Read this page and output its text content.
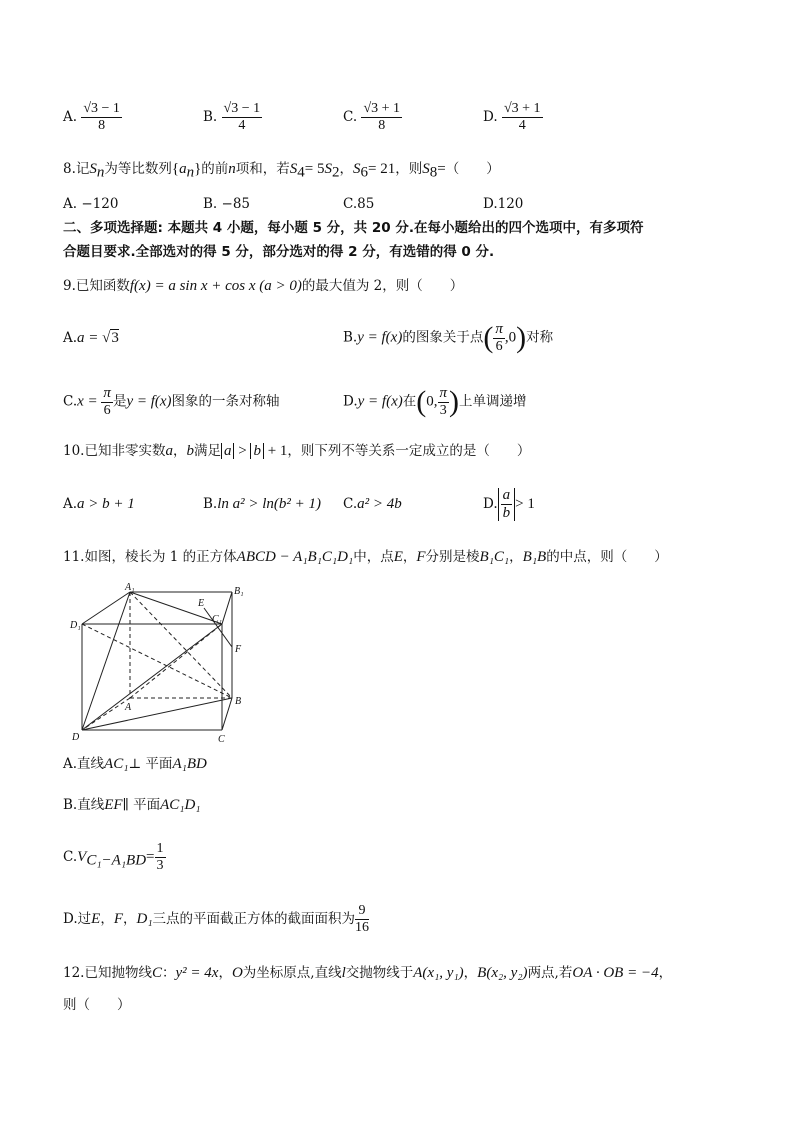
A. $\frac{√3 - 1}{8}$	B. $\frac{√3 - 1}{4}$	C. $\frac{√3 + 1}{8}$	D. $\frac{√3 + 1}{4}$
8.记$S_n$为等比数列$\{a_n\}$的前n项和，若$S_4= 5S_2$，$S_6= 21$，则$S_8=$（　　）
A. −120	B. −85	C.85	D.120
二、多项选择题: 本题共 4 小题，每小题 5 分，共 20 分.在每小题给出的四个选项中，有多项符
合题目要求.全部选对的得 5 分，部分选对的得 2 分，有选错的得 0 分.
9.已知函数f(x) = a sin x + cos x (a > 0)的最大值为 2，则（　　）
A.a = √3	B.y = f(x)的图象关于点( $\frac{\pi}{6} ,0$)对称
$C.x = \frac{\pi}{6}$ 是y = f(x)图象的一条对称轴	D.y = f(x)在(0, $\frac{\pi}{3}$ )上单调递增
10.已知非零实数a，b满足 a > b + 1，则下列不等关系一定成立的是（　　）
A.a > b + 1	B.ln a² > ln(b² + 1) C.a² > 4b	D. $\frac{a}{b} > 1$
11.如图，棱长为 1 的正方体ABCD − A₁B₁C₁D₁中，点E，F分别是棱B₁C₁，B₁B的中点，则（　　）
A₁	B₁
D₁
C₁
E
F
A
B
D	C
A.直线AC₁⊥ 平面A₁BD
B.直线EF∥ 平面AC₁D₁
$C.V_{C_1-A_1BD}= \frac{1}{3}$
D.过E，F，D₁三点的平面截正方体的截面面积为 $\frac{9}{16}$
12.已知抛物线C：y² = 4x，O为坐标原点,直线l交抛物线于A(x₁, y₁)，B(x₂, y₂)两点,若OA · OB = −4，
则（　　）
